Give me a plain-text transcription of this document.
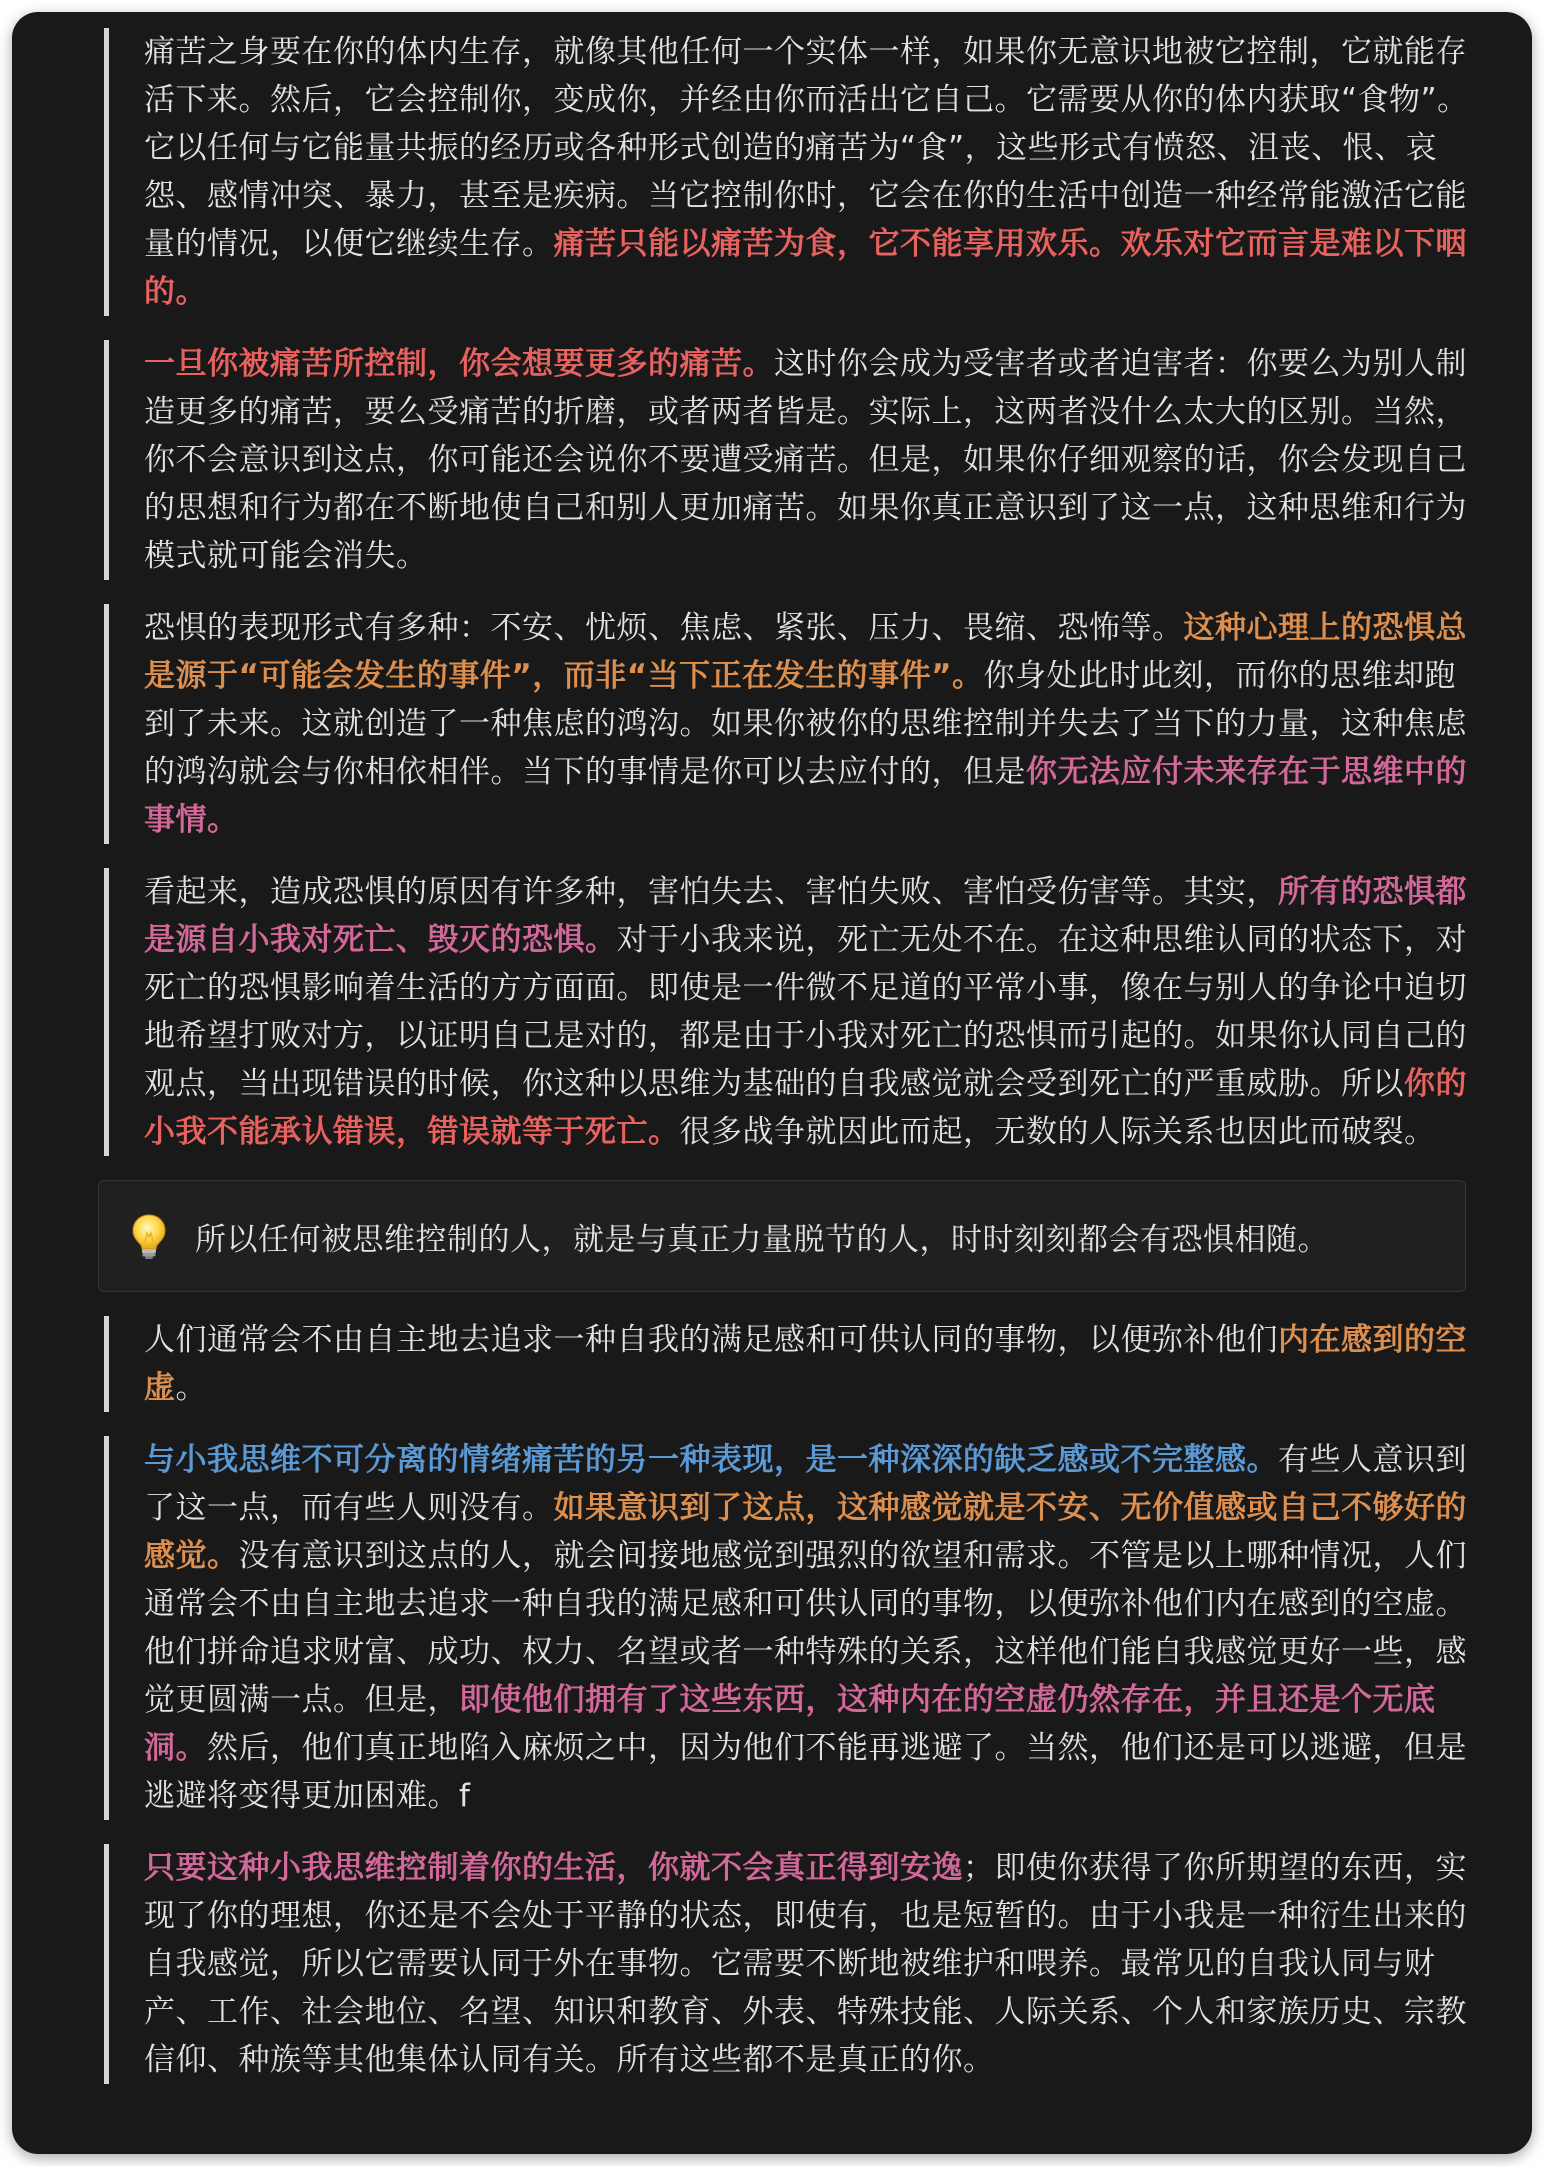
痛苦之身要在你的体内生存，就像其他任何一个实体一样，如果你无意识地被它控制，它就能存活下来。然后，它会控制你，变成你，并经由你而活出它自己。它需要从你的体内获取“食物”。它以任何与它能量共振的经历或各种形式创造的痛苦为“食”，这些形式有愤怒、沮丧、恨、哀怨、感情冲突、暴力，甚至是疾病。当它控制你时，它会在你的生活中创造一种经常能激活它能量的情况，以便它继续生存。痛苦只能以痛苦为食，它不能享用欢乐。欢乐对它而言是难以下咽的。

一旦你被痛苦所控制，你会想要更多的痛苦。这时你会成为受害者或者迫害者：你要么为别人制造更多的痛苦，要么受痛苦的折磨，或者两者皆是。实际上，这两者没什么太大的区别。当然，你不会意识到这点，你可能还会说你不要遭受痛苦。但是，如果你仔细观察的话，你会发现自己的思想和行为都在不断地使自己和别人更加痛苦。如果你真正意识到了这一点，这种思维和行为模式就可能会消失。

恐惧的表现形式有多种：不安、忧烦、焦虑、紧张、压力、畏缩、恐怖等。这种心理上的恐惧总是源于“可能会发生的事件”，而非“当下正在发生的事件”。你身处此时此刻，而你的思维却跑到了未来。这就创造了一种焦虑的鸿沟。如果你被你的思维控制并失去了当下的力量，这种焦虑的鸿沟就会与你相依相伴。当下的事情是你可以去应付的，但是你无法应付未来存在于思维中的事情。

看起来，造成恐惧的原因有许多种，害怕失去、害怕失败、害怕受伤害等。其实，所有的恐惧都是源自小我对死亡、毁灭的恐惧。对于小我来说，死亡无处不在。在这种思维认同的状态下，对死亡的恐惧影响着生活的方方面面。即使是一件微不足道的平常小事，像在与别人的争论中迫切地希望打败对方，以证明自己是对的，都是由于小我对死亡的恐惧而引起的。如果你认同自己的观点，当出现错误的时候，你这种以思维为基础的自我感觉就会受到死亡的严重威胁。所以你的小我不能承认错误，错误就等于死亡。很多战争就因此而起，无数的人际关系也因此而破裂。

所以任何被思维控制的人，就是与真正力量脱节的人，时时刻刻都会有恐惧相随。

人们通常会不由自主地去追求一种自我的满足感和可供认同的事物，以便弥补他们内在感到的空虚。

与小我思维不可分离的情绪痛苦的另一种表现，是一种深深的缺乏感或不完整感。有些人意识到了这一点，而有些人则没有。如果意识到了这点，这种感觉就是不安、无价值感或自己不够好的感觉。没有意识到这点的人，就会间接地感觉到强烈的欲望和需求。不管是以上哪种情况，人们通常会不由自主地去追求一种自我的满足感和可供认同的事物，以便弥补他们内在感到的空虚。他们拼命追求财富、成功、权力、名望或者一种特殊的关系，这样他们能自我感觉更好一些，感觉更圆满一点。但是，即使他们拥有了这些东西，这种内在的空虚仍然存在，并且还是个无底洞。然后，他们真正地陷入麻烦之中，因为他们不能再逃避了。当然，他们还是可以逃避，但是逃避将变得更加困难。f

只要这种小我思维控制着你的生活，你就不会真正得到安逸；即使你获得了你所期望的东西，实现了你的理想，你还是不会处于平静的状态，即使有，也是短暂的。由于小我是一种衍生出来的自我感觉，所以它需要认同于外在事物。它需要不断地被维护和喂养。最常见的自我认同与财产、工作、社会地位、名望、知识和教育、外表、特殊技能、人际关系、个人和家族历史、宗教信仰、种族等其他集体认同有关。所有这些都不是真正的你。
